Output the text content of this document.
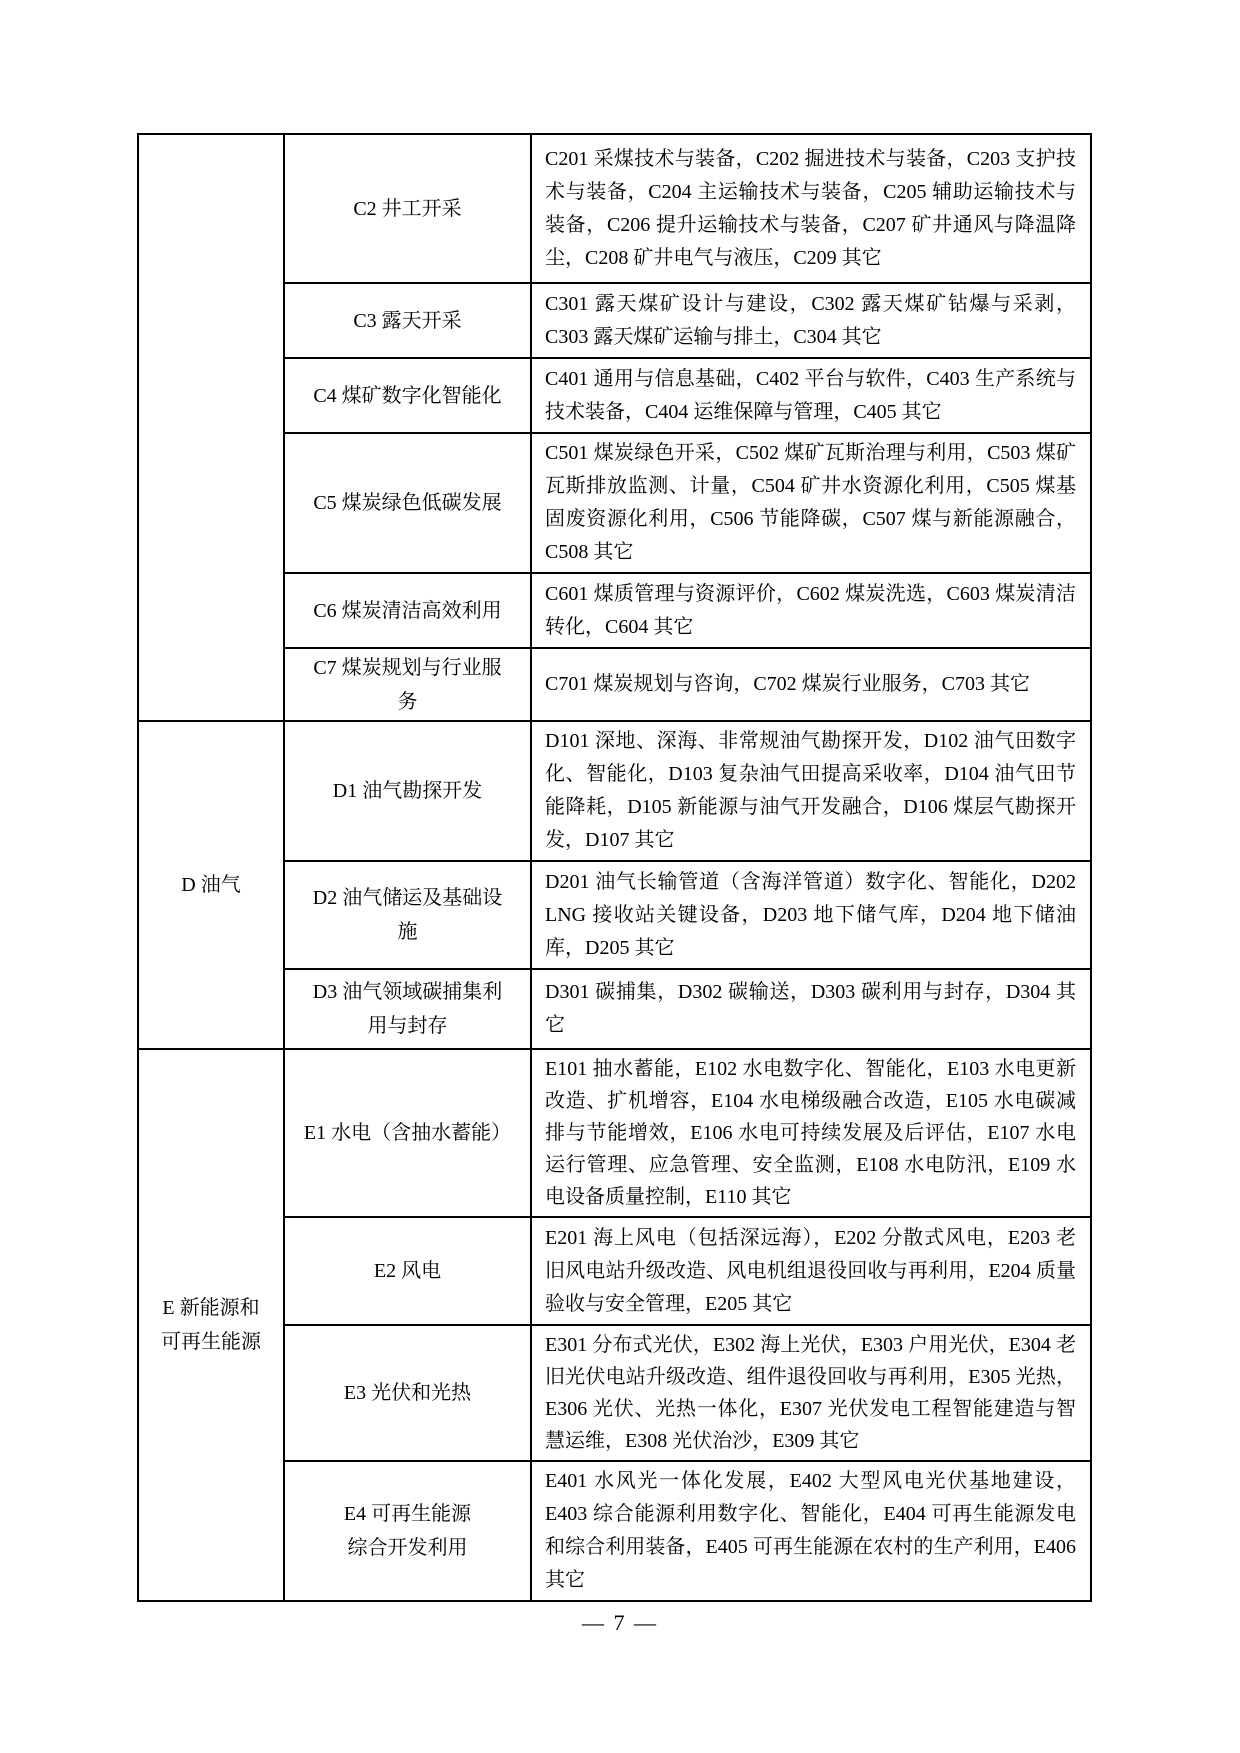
	C2 井工开采	C201 采煤技术与装备，C202 掘进技术与装备，C203 支护技术与装备，C204 主运输技术与装备，C205 辅助运输技术与装备，C206 提升运输技术与装备，C207 矿井通风与降温降尘，C208 矿井电气与液压，C209 其它

	C3 露天开采	C301 露天煤矿设计与建设，C302 露天煤矿钻爆与采剥，C303 露天煤矿运输与排土，C304 其它

	C4 煤矿数字化智能化	C401 通用与信息基础，C402 平台与软件，C403 生产系统与技术装备，C404 运维保障与管理，C405 其它

	C5 煤炭绿色低碳发展	C501 煤炭绿色开采，C502 煤矿瓦斯治理与利用，C503 煤矿瓦斯排放监测、计量，C504 矿井水资源化利用，C505 煤基固废资源化利用，C506 节能降碳，C507 煤与新能源融合，C508 其它

	C6 煤炭清洁高效利用	C601 煤质管理与资源评价，C602 煤炭洗选，C603 煤炭清洁转化，C604 其它

	C7 煤炭规划与行业服
务	C701 煤炭规划与咨询，C702 煤炭行业服务，C703 其它

D 油气	D1 油气勘探开发	D101 深地、深海、非常规油气勘探开发，D102 油气田数字化、智能化，D103 复杂油气田提高采收率，D104 油气田节能降耗，D105 新能源与油气开发融合，D106 煤层气勘探开发，D107 其它

	D2 油气储运及基础设
施	D201 油气长输管道（含海洋管道）数字化、智能化，D202 LNG 接收站关键设备，D203 地下储气库，D204 地下储油库，D205 其它

	D3 油气领域碳捕集利
用与封存	D301 碳捕集，D302 碳输送，D303 碳利用与封存，D304 其它

E 新能源和
可再生能源	E1 水电（含抽水蓄能）	E101 抽水蓄能，E102 水电数字化、智能化，E103 水电更新改造、扩机增容，E104 水电梯级融合改造，E105 水电碳减排与节能增效，E106 水电可持续发展及后评估，E107 水电运行管理、应急管理、安全监测，E108 水电防汛，E109 水电设备质量控制，E110 其它

	E2 风电	E201 海上风电（包括深远海），E202 分散式风电，E203 老旧风电站升级改造、风电机组退役回收与再利用，E204 质量验收与安全管理，E205 其它

	E3 光伏和光热	E301 分布式光伏，E302 海上光伏，E303 户用光伏，E304 老旧光伏电站升级改造、组件退役回收与再利用，E305 光热，E306 光伏、光热一体化，E307 光伏发电工程智能建造与智慧运维，E308 光伏治沙，E309 其它

	E4 可再生能源
综合开发利用	E401 水风光一体化发展，E402 大型风电光伏基地建设，E403 综合能源利用数字化、智能化，E404 可再生能源发电和综合利用装备，E405 可再生能源在农村的生产利用，E406 其它
— 7 —
